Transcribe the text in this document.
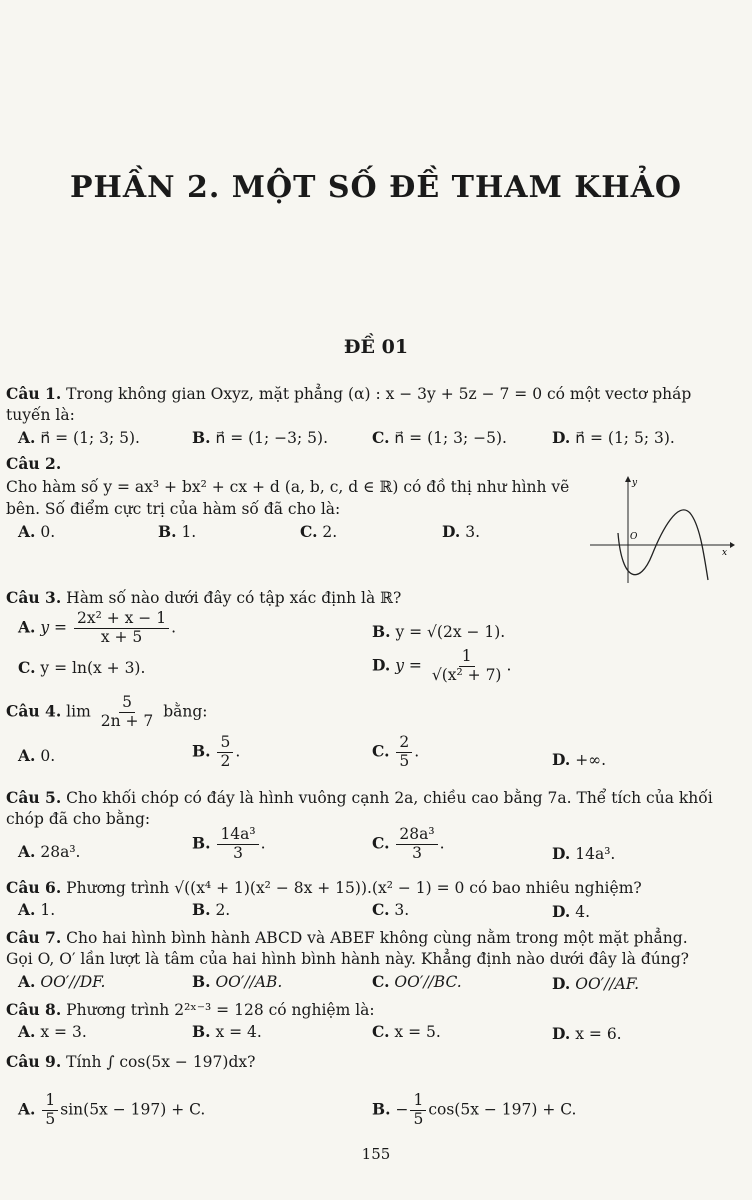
PHẦN 2. MỘT SỐ ĐỀ THAM KHẢO
ĐỀ 01
Câu 1. Trong không gian Oxyz, mặt phẳng (α) : x − 3y + 5z − 7 = 0 có một vectơ pháp
tuyến là:
A. n⃗ = (1; 3; 5).	B. n⃗ = (1; −3; 5).	C. n⃗ = (1; 3; −5).	D. n⃗ = (1; 5; 3).
Câu 2.
Cho hàm số y = ax³ + bx² + cx + d (a, b, c, d ∈ ℝ) có đồ thị như hình vẽ
bên. Số điểm cực trị của hàm số đã cho là:
A. 0.	B. 1.	C. 2.	D. 3.
y
x
O
Câu 3. Hàm số nào dưới đây có tập xác định là ℝ?
A. $y = \frac{\text{2x² + x − 1}}{x + 5}$ .	B. y = √(2x − 1).
C. y = ln(x + 3).	D. $y = \frac{1}{\text{√(x² + 7)}}$ .
Câu 4. $\lim \frac{5}{2n + 7}$ bằng:
A. 0.	B. $\frac{5}{2}$ .	C. $\frac{2}{5}$ .	D. +∞.
Câu 5. Cho khối chóp có đáy là hình vuông cạnh 2a, chiều cao bằng 7a. Thể tích của khối
chóp đã cho bằng:
A. 28a³.	B. $\frac{\text{14a³}}{3}$ .	C. $\frac{\text{28a³}}{3}$ .
D. 14a³.
Câu 6. Phương trình √((x⁴ + 1)(x² − 8x + 15)).(x² − 1) = 0 có bao nhiêu nghiệm?
A. 1.	B. 2.	C. 3.	D. 4.
Câu 7. Cho hai hình bình hành ABCD và ABEF không cùng nằm trong một mặt phẳng.
Gọi O, O′ lần lượt là tâm của hai hình bình hành này. Khẳng định nào dưới đây là đúng?
A. OO′//DF.	B. OO′//AB.	C. OO′//BC.	D. OO′//AF.
Câu 8. Phương trình 2²ˣ⁻³ = 128 có nghiệm là:
A. x = 3.	B. x = 4.	C. x = 5.	D. x = 6.
Câu 9. Tính ∫ cos(5x − 197)dx?
A. $\frac{1}{5} \sin(5x - 197) + C$.	B. − $\frac{1}{5} \cos(5x - 197) + C$.
155
